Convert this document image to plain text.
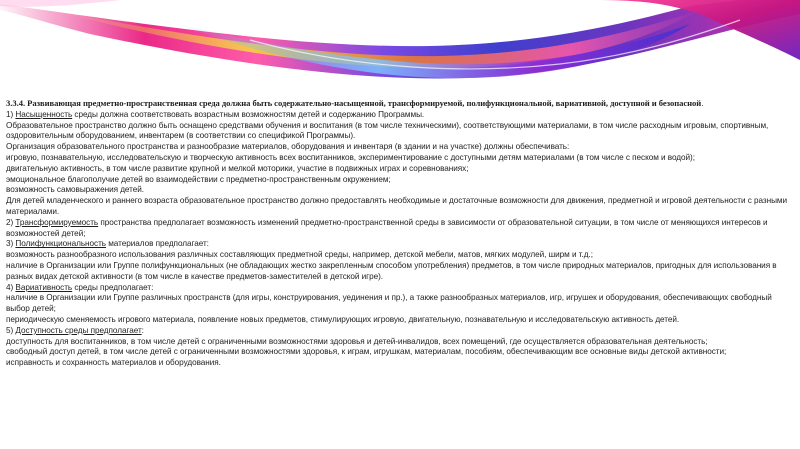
3.3.4. Развивающая предметно-пространственная среда должна быть содержательно-насыщенной, трансформируемой, полифункциональной, вариативной, доступной и безопасной.

1) Насыщенность среды должна соответствовать возрастным возможностям детей и содержанию Программы.

Образовательное пространство должно быть оснащено средствами обучения и воспитания (в том числе техническими), соответствующими материалами, в том числе расходным игровым, спортивным, оздоровительным оборудованием, инвентарем (в соответствии со спецификой Программы).

Организация образовательного пространства и разнообразие материалов, оборудования и инвентаря (в здании и на участке) должны обеспечивать:

игровую, познавательную, исследовательскую и творческую активность всех воспитанников, экспериментирование с доступными детям материалами (в том числе с песком и водой);

двигательную активность, в том числе развитие крупной и мелкой моторики, участие в подвижных играх и соревнованиях;

эмоциональное благополучие детей во взаимодействии с предметно-пространственным окружением;

возможность самовыражения детей.

Для детей младенческого и раннего возраста образовательное пространство должно предоставлять необходимые и достаточные возможности для движения, предметной и игровой деятельности с разными материалами.

2) Трансформируемость пространства предполагает возможность изменений предметно-пространственной среды в зависимости от образовательной ситуации, в том числе от меняющихся интересов и возможностей детей;

3) Полифункциональность материалов предполагает:

возможность разнообразного использования различных составляющих предметной среды, например, детской мебели, матов, мягких модулей, ширм и т.д.;

наличие в Организации или Группе полифункциональных (не обладающих жестко закрепленным способом употребления) предметов, в том числе природных материалов, пригодных для использования в разных видах детской активности (в том числе в качестве предметов-заместителей в детской игре).

4) Вариативность среды предполагает:

наличие в Организации или Группе различных пространств (для игры, конструирования, уединения и пр.), а также разнообразных материалов, игр, игрушек и оборудования, обеспечивающих свободный выбор детей;

периодическую сменяемость игрового материала, появление новых предметов, стимулирующих игровую, двигательную, познавательную и исследовательскую активность детей.

5) Доступность среды предполагает:

доступность для воспитанников, в том числе детей с ограниченными возможностями здоровья и детей-инвалидов, всех помещений, где осуществляется образовательная деятельность;

свободный доступ детей, в том числе детей с ограниченными возможностями здоровья, к играм, игрушкам, материалам, пособиям, обеспечивающим все основные виды детской активности;

исправность и сохранность материалов и оборудования.
